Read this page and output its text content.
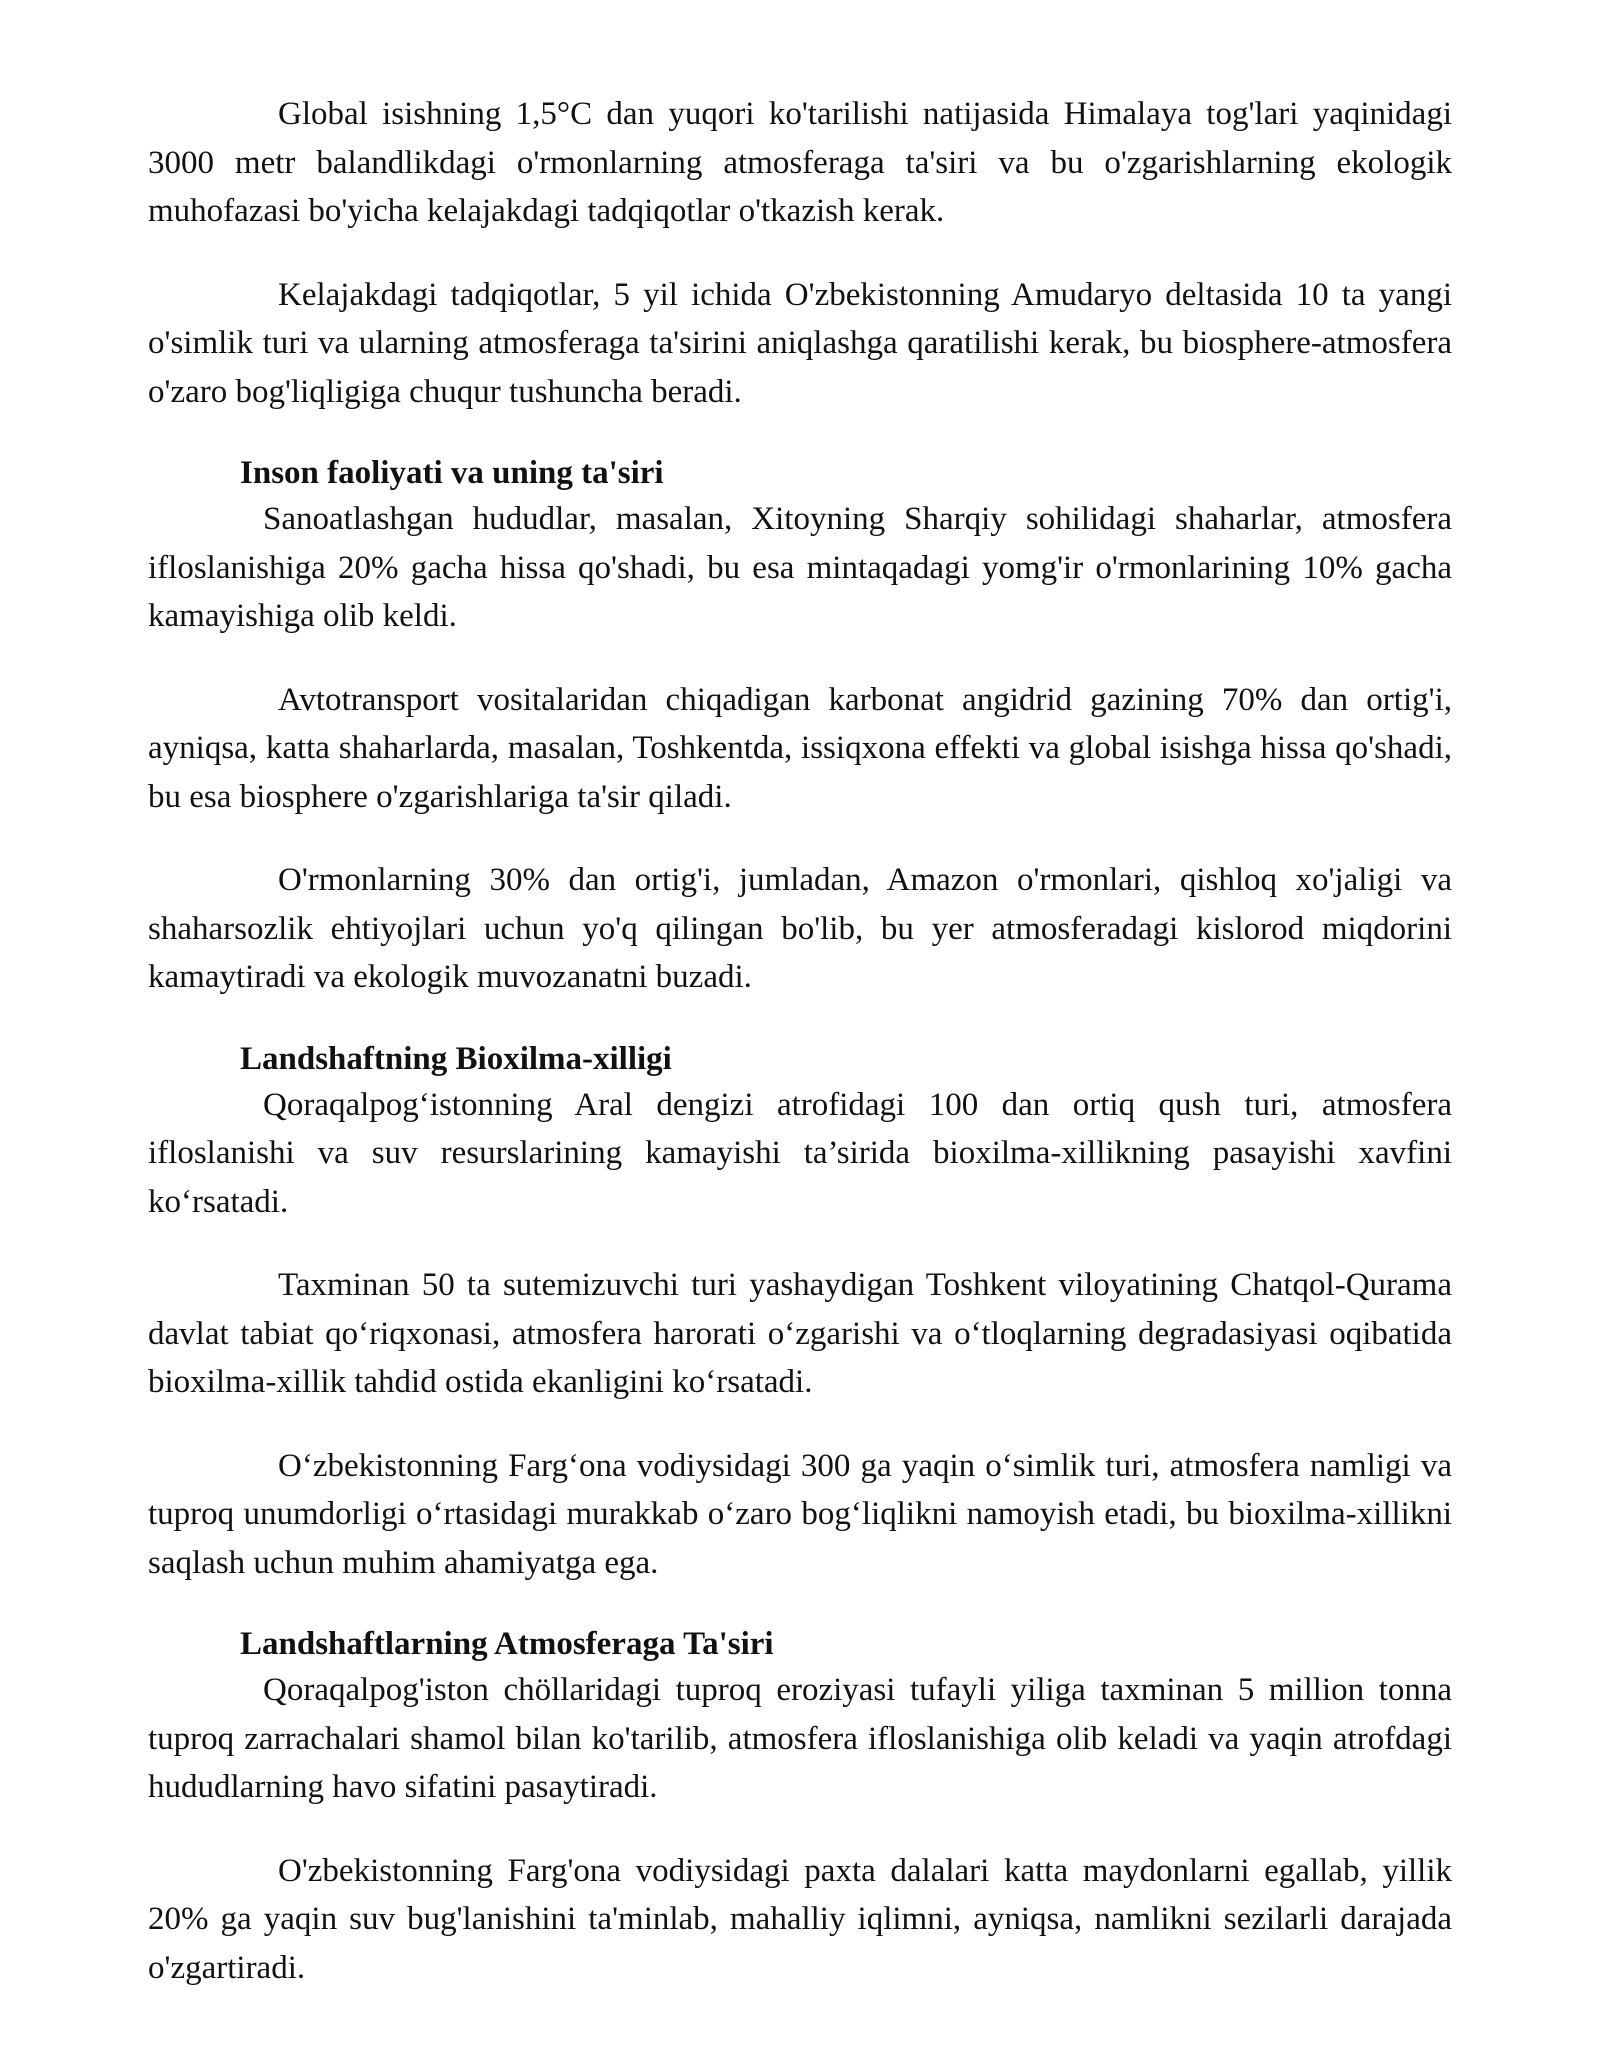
Global isishning 1,5°C dan yuqori ko'tarilishi natijasida Himalaya tog'lari yaqinidagi 3000 metr balandlikdagi o'rmonlarning atmosferaga ta'siri va bu o'zgarishlarning ekologik muhofazasi bo'yicha kelajakdagi tadqiqotlar o'tkazish kerak.

Kelajakdagi tadqiqotlar, 5 yil ichida O'zbekistonning Amudaryo deltasida 10 ta yangi o'simlik turi va ularning atmosferaga ta'sirini aniqlashga qaratilishi kerak, bu biosphere-atmosfera o'zaro bog'liqligiga chuqur tushuncha beradi.

Inson faoliyati va uning ta'siri

Sanoatlashgan hududlar, masalan, Xitoyning Sharqiy sohilidagi shaharlar, atmosfera ifloslanishiga 20% gacha hissa qo'shadi, bu esa mintaqadagi yomg'ir o'rmonlarining 10% gacha kamayishiga olib keldi.

Avtotransport vositalaridan chiqadigan karbonat angidrid gazining 70% dan ortig'i, ayniqsa, katta shaharlarda, masalan, Toshkentda, issiqxona effekti va global isishga hissa qo'shadi, bu esa biosphere o'zgarishlariga ta'sir qiladi.

O'rmonlarning 30% dan ortig'i, jumladan, Amazon o'rmonlari, qishloq xo'jaligi va shaharsozlik ehtiyojlari uchun yo'q qilingan bo'lib, bu yer atmosferadagi kislorod miqdorini kamaytiradi va ekologik muvozanatni buzadi.

Landshaftning Bioxilma-xilligi

Qoraqalpog‘istonning Aral dengizi atrofidagi 100 dan ortiq qush turi, atmosfera ifloslanishi va suv resurslarining kamayishi ta’sirida bioxilma-xillikning pasayishi xavfini ko‘rsatadi.

Taxminan 50 ta sutemizuvchi turi yashaydigan Toshkent viloyatining Chatqol-Qurama davlat tabiat qo‘riqxonasi, atmosfera harorati o‘zgarishi va o‘tloqlarning degradasiyasi oqibatida bioxilma-xillik tahdid ostida ekanligini ko‘rsatadi.

O‘zbekistonning Farg‘ona vodiysidagi 300 ga yaqin o‘simlik turi, atmosfera namligi va tuproq unumdorligi o‘rtasidagi murakkab o‘zaro bog‘liqlikni namoyish etadi, bu bioxilma-xillikni saqlash uchun muhim ahamiyatga ega.

Landshaftlarning Atmosferaga Ta'siri

Qoraqalpog'iston chöllaridagi tuproq eroziyasi tufayli yiliga taxminan 5 million tonna tuproq zarrachalari shamol bilan ko'tarilib, atmosfera ifloslanishiga olib keladi va yaqin atrofdagi hududlarning havo sifatini pasaytiradi.

O'zbekistonning Farg'ona vodiysidagi paxta dalalari katta maydonlarni egallab, yillik 20% ga yaqin suv bug'lanishini ta'minlab, mahalliy iqlimni, ayniqsa, namlikni sezilarli darajada o'zgartiradi.
